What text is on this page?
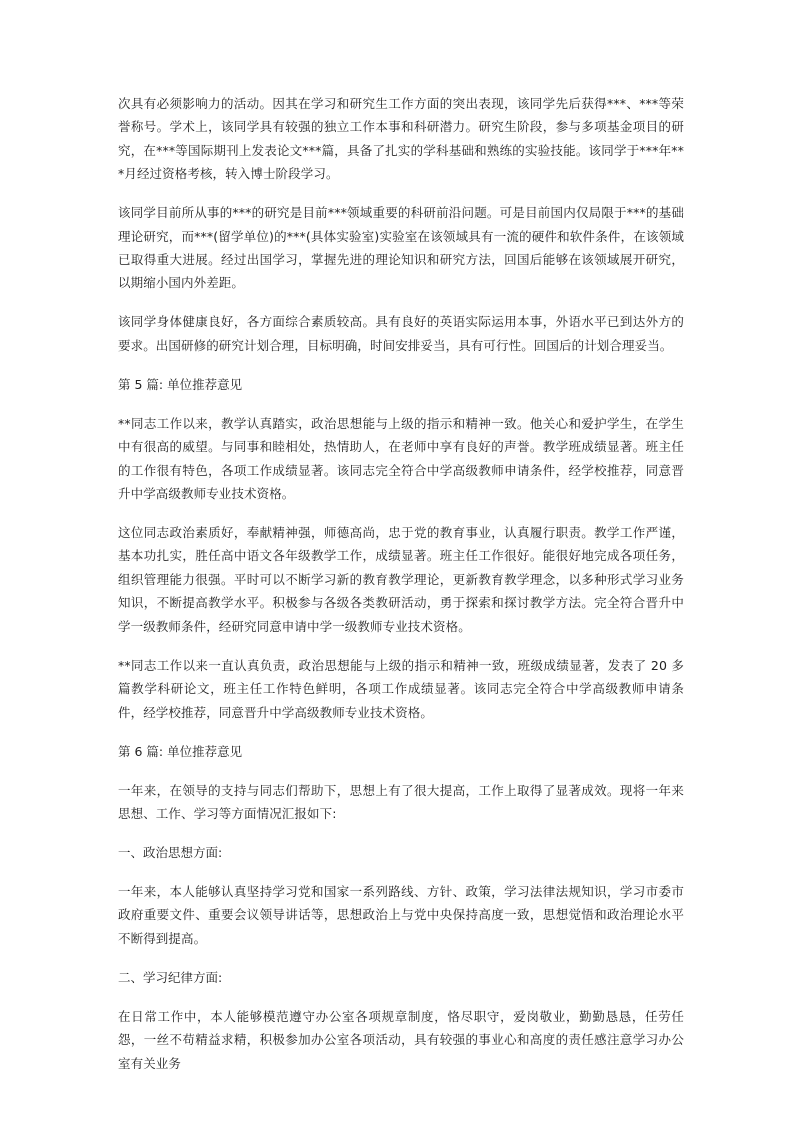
次具有必须影响力的活动。因其在学习和研究生工作方面的突出表现，该同学先后获得***、***等荣誉称号。学术上，该同学具有较强的独立工作本事和科研潜力。研究生阶段，参与多项基金项目的研究，在***等国际期刊上发表论文***篇，具备了扎实的学科基础和熟练的实验技能。该同学于***年***月经过资格考核，转入博士阶段学习。

该同学目前所从事的***的研究是目前***领域重要的科研前沿问题。可是目前国内仅局限于***的基础理论研究，而***(留学单位)的***(具体实验室)实验室在该领域具有一流的硬件和软件条件，在该领域已取得重大进展。经过出国学习，掌握先进的理论知识和研究方法，回国后能够在该领域展开研究，以期缩小国内外差距。

该同学身体健康良好，各方面综合素质较高。具有良好的英语实际运用本事，外语水平已到达外方的要求。出国研修的研究计划合理，目标明确，时间安排妥当，具有可行性。回国后的计划合理妥当。

第 5 篇: 单位推荐意见

**同志工作以来，教学认真踏实，政治思想能与上级的指示和精神一致。他关心和爱护学生，在学生中有很高的威望。与同事和睦相处，热情助人，在老师中享有良好的声誉。教学班成绩显著。班主任的工作很有特色，各项工作成绩显著。该同志完全符合中学高级教师申请条件，经学校推荐，同意晋升中学高级教师专业技术资格。

这位同志政治素质好，奉献精神强，师德高尚，忠于党的教育事业，认真履行职责。教学工作严谨，基本功扎实，胜任高中语文各年级教学工作，成绩显著。班主任工作很好。能很好地完成各项任务，组织管理能力很强。平时可以不断学习新的教育教学理论，更新教育教学理念，以多种形式学习业务知识，不断提高教学水平。积极参与各级各类教研活动，勇于探索和探讨教学方法。完全符合晋升中学一级教师条件，经研究同意申请中学一级教师专业技术资格。

**同志工作以来一直认真负责，政治思想能与上级的指示和精神一致，班级成绩显著，发表了 20 多篇教学科研论文，班主任工作特色鲜明，各项工作成绩显著。该同志完全符合中学高级教师申请条件，经学校推荐，同意晋升中学高级教师专业技术资格。

第 6 篇: 单位推荐意见

一年来，在领导的支持与同志们帮助下，思想上有了很大提高，工作上取得了显著成效。现将一年来思想、工作、学习等方面情况汇报如下:

一、政治思想方面:

一年来，本人能够认真坚持学习党和国家一系列路线、方针、政策，学习法律法规知识，学习市委市政府重要文件、重要会议领导讲话等，思想政治上与党中央保持高度一致，思想觉悟和政治理论水平不断得到提高。

二、学习纪律方面:

在日常工作中，本人能够模范遵守办公室各项规章制度，恪尽职守，爱岗敬业，勤勤恳恳，任劳任怨，一丝不苟精益求精，积极参加办公室各项活动，具有较强的事业心和高度的责任感注意学习办公室有关业务
